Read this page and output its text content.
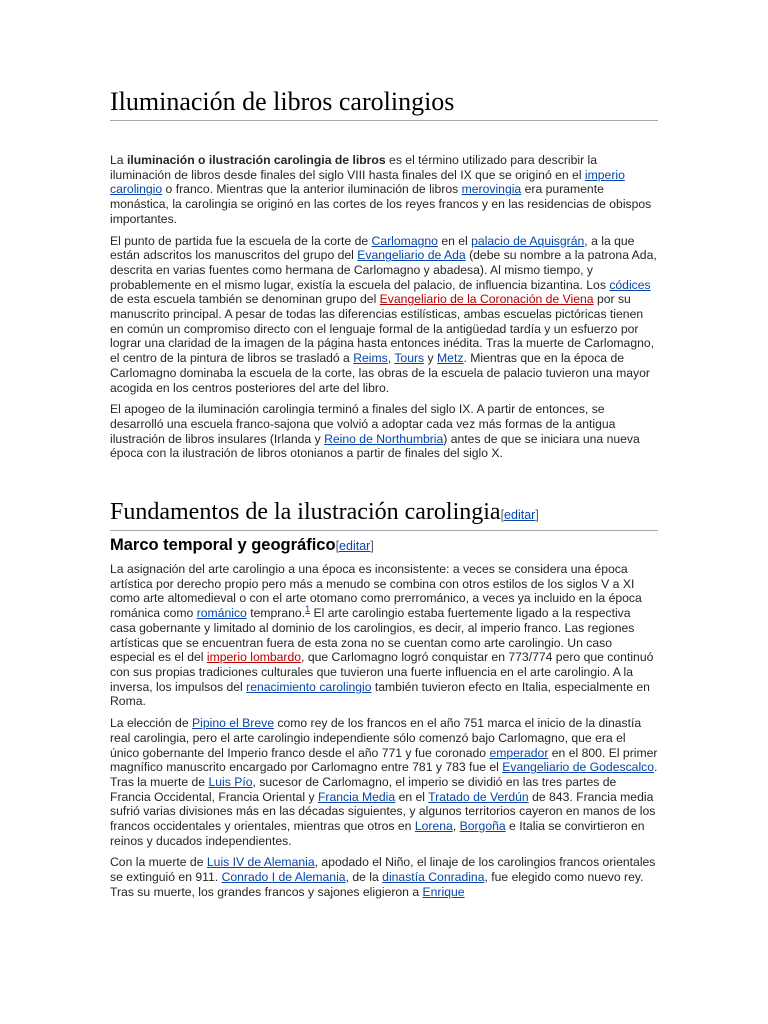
Iluminación de libros carolingios

La iluminación o ilustración carolingia de libros es el término utilizado para describir la iluminación de libros desde finales del siglo VIII hasta finales del IX que se originó en el imperio carolingio o franco. Mientras que la anterior iluminación de libros merovingia era puramente monástica, la carolingia se originó en las cortes de los reyes francos y en las residencias de obispos importantes.

El punto de partida fue la escuela de la corte de Carlomagno en el palacio de Aquisgrán, a la que están adscritos los manuscritos del grupo del Evangeliario de Ada (debe su nombre a la patrona Ada, descrita en varias fuentes como hermana de Carlomagno y abadesa). Al mismo tiempo, y probablemente en el mismo lugar, existía la escuela del palacio, de influencia bizantina. Los códices de esta escuela también se denominan grupo del Evangeliario de la Coronación de Viena por su manuscrito principal. A pesar de todas las diferencias estilísticas, ambas escuelas pictóricas tienen en común un compromiso directo con el lenguaje formal de la antigüedad tardía y un esfuerzo por lograr una claridad de la imagen de la página hasta entonces inédita. Tras la muerte de Carlomagno, el centro de la pintura de libros se trasladó a Reims, Tours y Metz. Mientras que en la época de Carlomagno dominaba la escuela de la corte, las obras de la escuela de palacio tuvieron una mayor acogida en los centros posteriores del arte del libro.

El apogeo de la iluminación carolingia terminó a finales del siglo IX. A partir de entonces, se desarrolló una escuela franco-sajona que volvió a adoptar cada vez más formas de la antigua ilustración de libros insulares (Irlanda y Reino de Northumbria) antes de que se iniciara una nueva época con la ilustración de libros otonianos a partir de finales del siglo X.

Fundamentos de la ilustración carolingia[editar]
Marco temporal y geográfico[editar]

La asignación del arte carolingio a una época es inconsistente: a veces se considera una época artística por derecho propio pero más a menudo se combina con otros estilos de los siglos V a XI como arte altomedieval o con el arte otomano como prerrománico, a veces ya incluido en la época románica como románico temprano.$^1$ El arte carolingio estaba fuertemente ligado a la respectiva casa gobernante y limitado al dominio de los carolingios, es decir, al imperio franco. Las regiones artísticas que se encuentran fuera de esta zona no se cuentan como arte carolingio. Un caso especial es el del imperio lombardo, que Carlomagno logró conquistar en 773/774 pero que continuó con sus propias tradiciones culturales que tuvieron una fuerte influencia en el arte carolingio. A la inversa, los impulsos del renacimiento carolingio también tuvieron efecto en Italia, especialmente en Roma.

La elección de Pipino el Breve como rey de los francos en el año 751 marca el inicio de la dinastía real carolingia, pero el arte carolingio independiente sólo comenzó bajo Carlomagno, que era el único gobernante del Imperio franco desde el año 771 y fue coronado emperador en el 800. El primer magnífico manuscrito encargado por Carlomagno entre 781 y 783 fue el Evangeliario de Godescalco. Tras la muerte de Luis Pío, sucesor de Carlomagno, el imperio se dividió en las tres partes de Francia Occidental, Francia Oriental y Francia Media en el Tratado de Verdún de 843. Francia media sufrió varias divisiones más en las décadas siguientes, y algunos territorios cayeron en manos de los francos occidentales y orientales, mientras que otros en Lorena, Borgoña e Italia se convirtieron en reinos y ducados independientes.

Con la muerte de Luis IV de Alemania, apodado el Niño, el linaje de los carolingios francos orientales se extinguió en 911. Conrado I de Alemania, de la dinastía Conradina, fue elegido como nuevo rey. Tras su muerte, los grandes francos y sajones eligieron a Enrique
